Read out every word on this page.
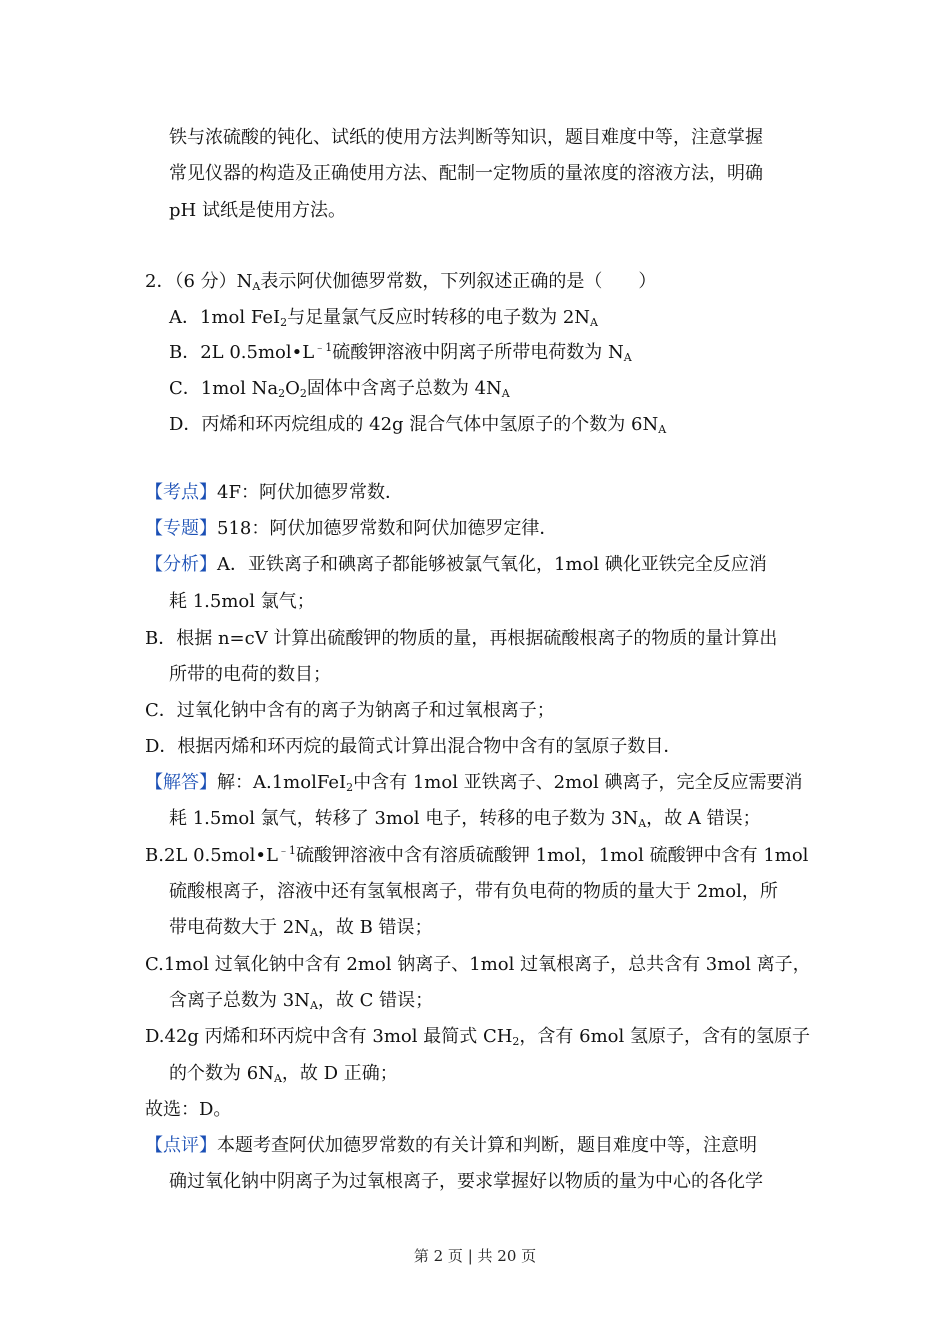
铁与浓硫酸的钝化、试纸的使用方法判断等知识，题目难度中等，注意掌握
常见仪器的构造及正确使用方法、配制一定物质的量浓度的溶液方法，明确
pH 试纸是使用方法。
2．（6 分）$N_A$表示阿伏伽德罗常数，下列叙述正确的是（　　）
A．1mol FeI$_2$与足量氯气反应时转移的电子数为 $2N_A$
B．2L $0.5mol•L^{﹣1}$硫酸钾溶液中阴离子所带电荷数为 $N_A$
C．1mol $Na_2O_2$固体中含离子总数为 $4N_A$
D．丙烯和环丙烷组成的 42g 混合气体中氢原子的个数为 $6N_A$
【考点】4F：阿伏加德罗常数．
【专题】518：阿伏加德罗常数和阿伏加德罗定律．
【分析】A．亚铁离子和碘离子都能够被氯气氧化，1mol 碘化亚铁完全反应消
耗 1.5mol 氯气；
B．根据 n=cV 计算出硫酸钾的物质的量，再根据硫酸根离子的物质的量计算出
所带的电荷的数目；
C．过氧化钠中含有的离子为钠离子和过氧根离子；
D．根据丙烯和环丙烷的最简式计算出混合物中含有的氢原子数目．
【解答】解：A.1molFeI$_2$中含有 1mol 亚铁离子、2mol 碘离子，完全反应需要消
耗 1.5mol 氯气，转移了 3mol 电子，转移的电子数为 $3N_A$，故 A 错误；
B.2L $0.5mol•L^{﹣1}$硫酸钾溶液中含有溶质硫酸钾 1mol，1mol 硫酸钾中含有 1mol
硫酸根离子，溶液中还有氢氧根离子，带有负电荷的物质的量大于 2mol，所
带电荷数大于 $2N_A$，故 B 错误；
C.1mol 过氧化钠中含有 2mol 钠离子、1mol 过氧根离子，总共含有 3mol 离子，
含离子总数为 $3N_A$，故 C 错误；
D.42g 丙烯和环丙烷中含有 3mol 最简式 $CH_2$，含有 6mol 氢原子，含有的氢原子
的个数为 $6N_A$，故 D 正确；
故选：D。
【点评】本题考查阿伏加德罗常数的有关计算和判断，题目难度中等，注意明
确过氧化钠中阴离子为过氧根离子，要求掌握好以物质的量为中心的各化学
第 2 页 | 共 20 页
